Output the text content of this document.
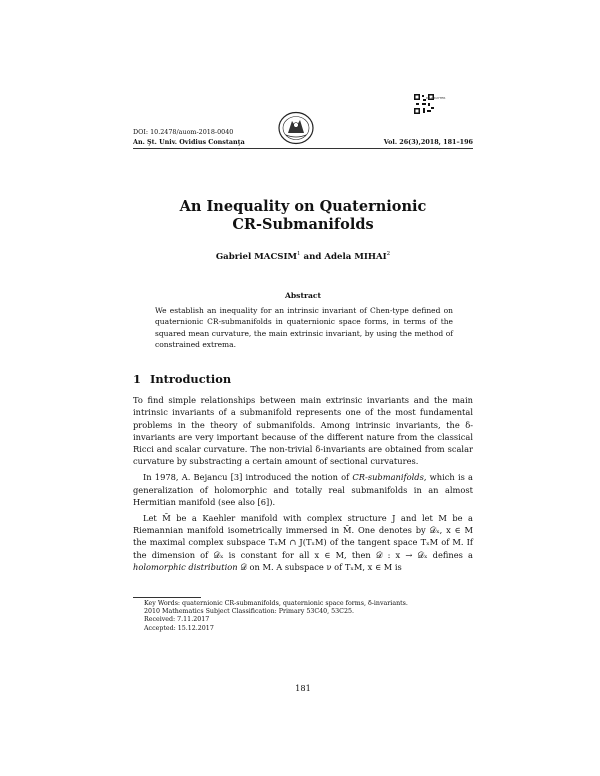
DOI: 10.2478/auom-2018-0040
An. Şt. Univ. Ovidius Constanţa	Vol. 26(3),2018, 181–196
DE GRUYTER
An Inequality on Quaternionic
CR-Submanifolds
Gabriel MACSIM$^1$ and Adela MIHAI$^2$
Abstract
We establish an inequality for an intrinsic invariant of Chen-type defined on quaternionic CR-submanifolds in quaternionic space forms, in terms of the squared mean curvature, the main extrinsic invariant, by using the method of constrained extrema.
1 Introduction

To find simple relationships between main extrinsic invariants and the main intrinsic invariants of a submanifold represents one of the most fundamental problems in the theory of submanifolds. Among intrinsic invariants, the δ-invariants are very important because of the different nature from the classical Ricci and scalar curvature. The non-trivial δ-invariants are obtained from scalar curvature by substracting a certain amount of sectional curvatures.

In 1978, A. Bejancu [3] introduced the notion of CR-submanifolds, which is a generalization of holomorphic and totally real submanifolds in an almost Hermitian manifold (see also [6]).

Let M̄ be a Kaehler manifold with complex structure J and let M be a Riemannian manifold isometrically immersed in M̄. One denotes by 𝒟ₓ, x ∈ M the maximal complex subspace TₓM ∩ J(TₓM) of the tangent space TₓM of M. If the dimension of 𝒟ₓ is constant for all x ∈ M, then 𝒟 : x → 𝒟ₓ defines a holomorphic distribution 𝒟 on M. A subspace ν of TₓM, x ∈ M is

Key Words: quaternionic CR-submanifolds, quaternionic space forms, δ-invariants.
2010 Mathematics Subject Classification: Primary 53C40, 53C25.
Received: 7.11.2017
Accepted: 15.12.2017
181
